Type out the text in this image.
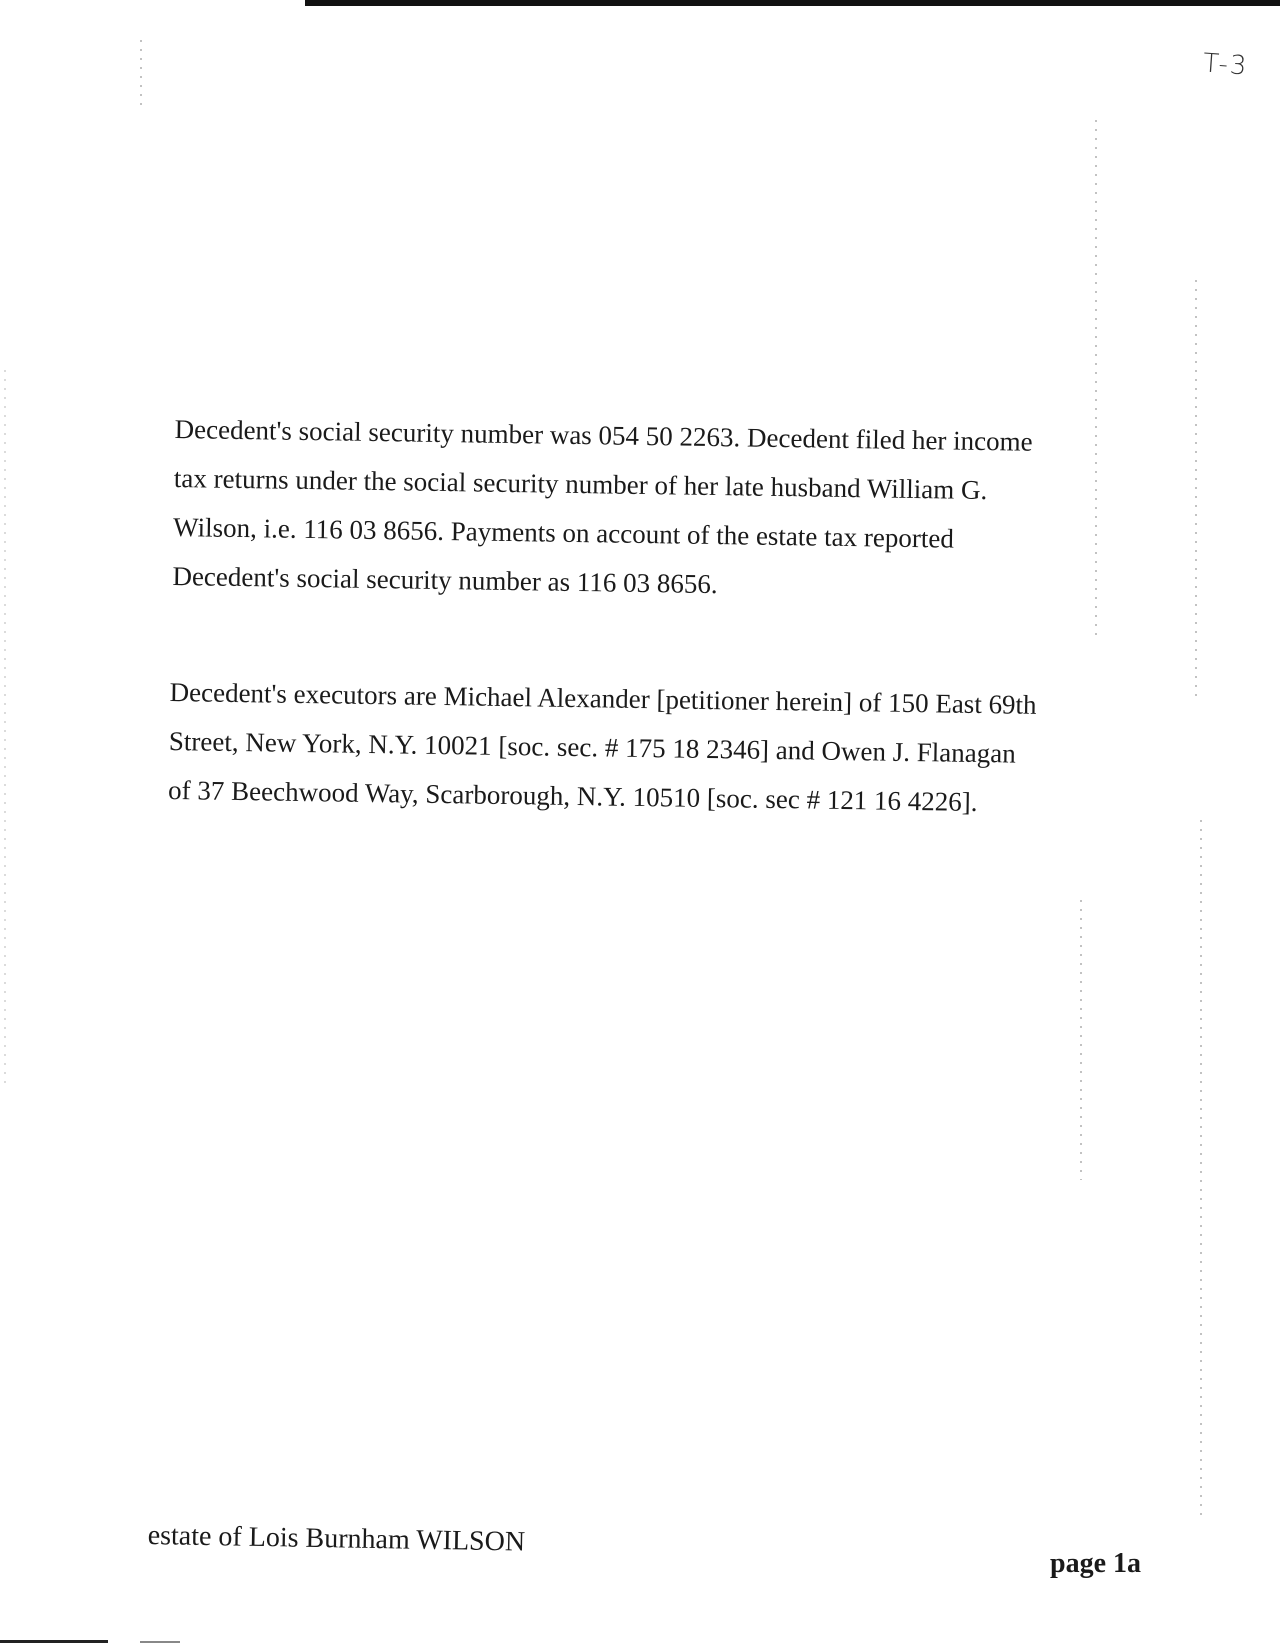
T-3
Decedent's social security number was 054 50 2263. Decedent filed her income
tax returns under the social security number of her late husband William G.
Wilson, i.e. 116 03 8656. Payments on account of the estate tax reported
Decedent's social security number as 116 03 8656.
Decedent's executors are Michael Alexander [petitioner herein] of 150 East 69th
Street, New York, N.Y. 10021 [soc. sec. # 175 18 2346] and Owen J. Flanagan
of 37 Beechwood Way, Scarborough, N.Y. 10510 [soc. sec # 121 16 4226].
estate of Lois Burnham WILSON
page 1a
